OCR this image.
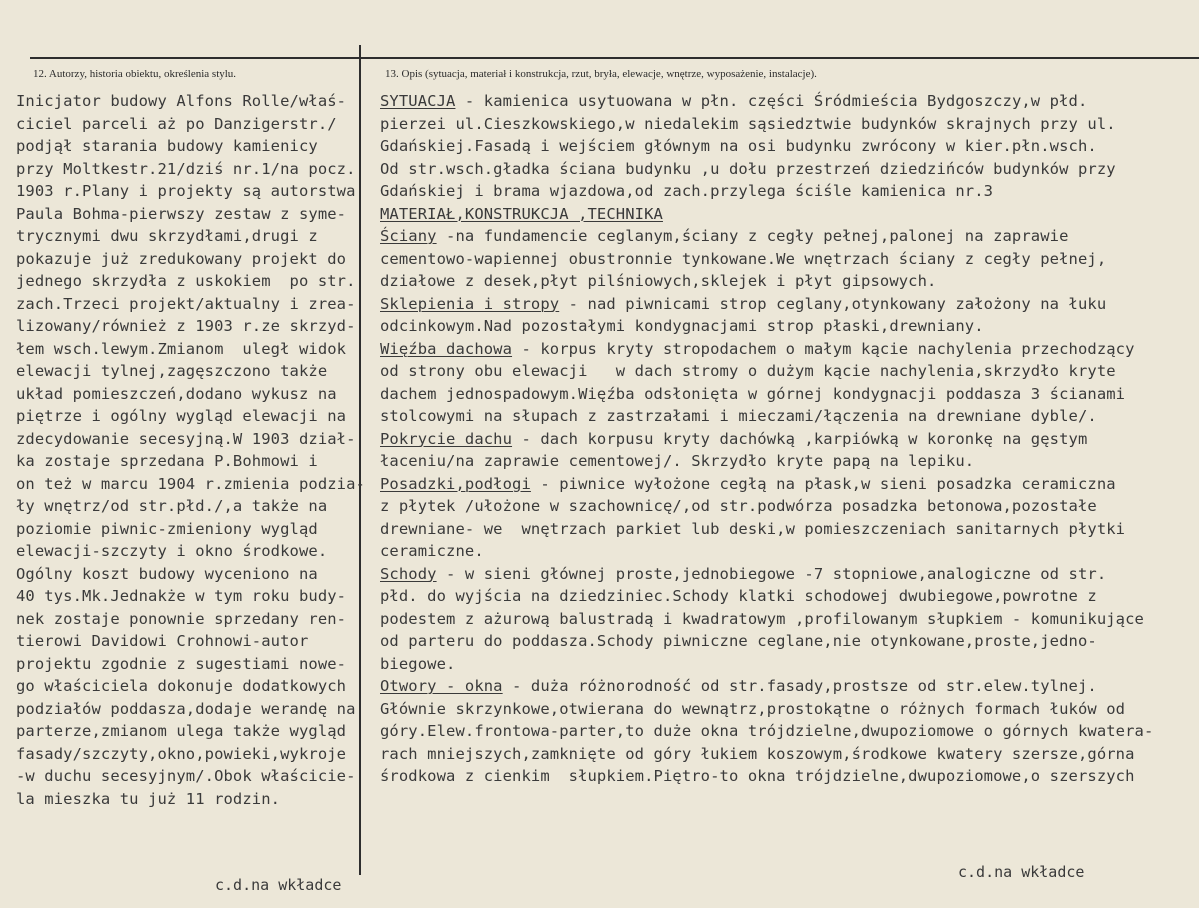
12. Autorzy, historia obiektu, określenia stylu.	13. Opis (sytuacja, materiał i konstrukcja, rzut, bryła, elewacje, wnętrze, wyposażenie, instalacje).
Inicjator budowy Alfons Rolle/właś-
ciciel parceli aż po Danzigerstr./
podjął starania budowy kamienicy
przy Moltkestr.21/dziś nr.1/na pocz.
1903 r.Plany i projekty są autorstwa
Paula Bohma-pierwszy zestaw z syme-
trycznymi dwu skrzydłami,drugi z
pokazuje już zredukowany projekt do
jednego skrzydła z uskokiem  po str.
zach.Trzeci projekt/aktualny i zrea-
lizowany/również z 1903 r.ze skrzyd-
łem wsch.lewym.Zmianom  uległ widok
elewacji tylnej,zagęszczono także
układ pomieszczeń,dodano wykusz na
piętrze i ogólny wygląd elewacji na
zdecydowanie secesyjną.W 1903 dział-
ka zostaje sprzedana P.Bohmowi i
on też w marcu 1904 r.zmienia podzia-
ły wnętrz/od str.płd./,a także na
poziomie piwnic-zmieniony wygląd
elewacji-szczyty i okno środkowe.
Ogólny koszt budowy wyceniono na
40 tys.Mk.Jednakże w tym roku budy-
nek zostaje ponownie sprzedany ren-
tierowi Davidowi Crohnowi-autor
projektu zgodnie z sugestiami nowe-
go właściciela dokonuje dodatkowych
podziałów poddasza,dodaje werandę na
parterze,zmianom ulega także wygląd
fasady/szczyty,okno,powieki,wykroje
-w duchu secesyjnym/.Obok właścicie-
la mieszka tu już 11 rodzin.
SYTUACJA - kamienica usytuowana w płn. części Śródmieścia Bydgoszczy,w płd.
pierzei ul.Cieszkowskiego,w niedalekim sąsiedztwie budynków skrajnych przy ul.
Gdańskiej.Fasadą i wejściem głównym na osi budynku zwrócony w kier.płn.wsch.
Od str.wsch.gładka ściana budynku ,u dołu przestrzeń dziedzińców budynków przy
Gdańskiej i brama wjazdowa,od zach.przylega ściśle kamienica nr.3
MATERIAŁ,KONSTRUKCJA ,TECHNIKA
Ściany -na fundamencie ceglanym,ściany z cegły pełnej,palonej na zaprawie
cementowo-wapiennej obustronnie tynkowane.We wnętrzach ściany z cegły pełnej,
działowe z desek,płyt pilśniowych,sklejek i płyt gipsowych.
Sklepienia i stropy - nad piwnicami strop ceglany,otynkowany założony na łuku
odcinkowym.Nad pozostałymi kondygnacjami strop płaski,drewniany.
Więźba dachowa - korpus kryty stropodachem o małym kącie nachylenia przechodzący
od strony obu elewacji   w dach stromy o dużym kącie nachylenia,skrzydło kryte
dachem jednospadowym.Więźba odsłonięta w górnej kondygnacji poddasza 3 ścianami
stolcowymi na słupach z zastrzałami i mieczami/łączenia na drewniane dyble/.
Pokrycie dachu - dach korpusu kryty dachówką ,karpiówką w koronkę na gęstym
łaceniu/na zaprawie cementowej/. Skrzydło kryte papą na lepiku.
Posadzki,podłogi - piwnice wyłożone cegłą na płask,w sieni posadzka ceramiczna
z płytek /ułożone w szachownicę/,od str.podwórza posadzka betonowa,pozostałe
drewniane- we  wnętrzach parkiet lub deski,w pomieszczeniach sanitarnych płytki
ceramiczne.
Schody - w sieni głównej proste,jednobiegowe -7 stopniowe,analogiczne od str.
płd. do wyjścia na dziedziniec.Schody klatki schodowej dwubiegowe,powrotne z
podestem z ażurową balustradą i kwadratowym ,profilowanym słupkiem - komunikujące
od parteru do poddasza.Schody piwniczne ceglane,nie otynkowane,proste,jedno-
biegowe.
Otwory - okna - duża różnorodność od str.fasady,prostsze od str.elew.tylnej.
Głównie skrzynkowe,otwierana do wewnątrz,prostokątne o różnych formach łuków od
góry.Elew.frontowa-parter,to duże okna trójdzielne,dwupoziomowe o górnych kwatera-
rach mniejszych,zamknięte od góry łukiem koszowym,środkowe kwatery szersze,górna
środkowa z cienkim  słupkiem.Piętro-to okna trójdzielne,dwupoziomowe,o szerszych
c.d.na wkładce
c.d.na wkładce
